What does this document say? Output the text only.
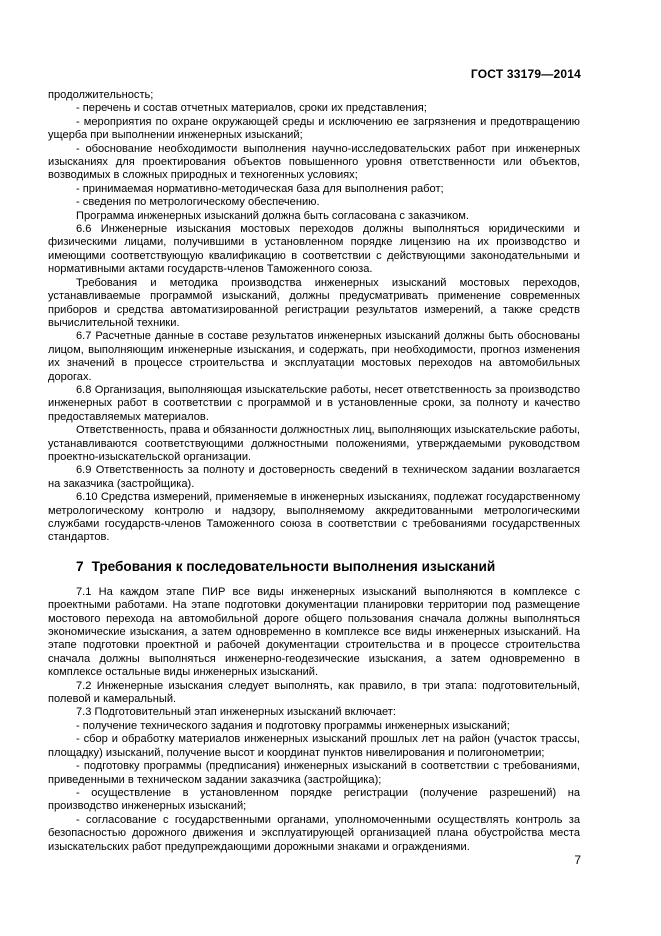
ГОСТ 33179—2014

продолжительность;

- перечень и состав отчетных материалов, сроки их представления;

- мероприятия по охране окружающей среды и исключению ее загрязнения и предотвращению ущерба при выполнении инженерных изысканий;

- обоснование необходимости выполнения научно-исследовательских работ при инженерных изысканиях для проектирования объектов повышенного уровня ответственности или объектов, возводимых в сложных природных и техногенных условиях;

- принимаемая нормативно-методическая база для выполнения работ;

- сведения по метрологическому обеспечению.

Программа инженерных изысканий должна быть согласована с заказчиком.

6.6 Инженерные изыскания мостовых переходов должны выполняться юридическими и физическими лицами, получившими в установленном порядке лицензию на их производство и имеющими соответствующую квалификацию в соответствии с действующими законодательными и нормативными актами государств-членов Таможенного союза.

Требования и методика производства инженерных изысканий мостовых переходов, устанавливаемые программой изысканий, должны предусматривать применение современных приборов и средства автоматизированной регистрации результатов измерений, а также средств вычислительной техники.

6.7 Расчетные данные в составе результатов инженерных изысканий должны быть обоснованы лицом, выполняющим инженерные изыскания, и содержать, при необходимости, прогноз изменения их значений в процессе строительства и эксплуатации мостовых переходов на автомобильных дорогах.

6.8 Организация, выполняющая изыскательские работы, несет ответственность за производство инженерных работ в соответствии с программой и в установленные сроки, за полноту и качество предоставляемых материалов.

Ответственность, права и обязанности должностных лиц, выполняющих изыскательские работы, устанавливаются соответствующими должностными положениями, утверждаемыми руководством проектно-изыскательской организации.

6.9 Ответственность за полноту и достоверность сведений в техническом задании возлагается на заказчика (застройщика).

6.10 Средства измерений, применяемые в инженерных изысканиях, подлежат государственному метрологическому контролю и надзору, выполняемому аккредитованными метрологическими службами государств-членов Таможенного союза в соответствии с требованиями государственных стандартов.

7 Требования к последовательности выполнения изысканий

7.1 На каждом этапе ПИР все виды инженерных изысканий выполняются в комплексе с проектными работами. На этапе подготовки документации планировки территории под размещение мостового перехода на автомобильной дороге общего пользования сначала должны выполняться экономические изыскания, а затем одновременно в комплексе все виды инженерных изысканий. На этапе подготовки проектной и рабочей документации строительства и в процессе строительства сначала должны выполняться инженерно-геодезические изыскания, а затем одновременно в комплексе остальные виды инженерных изысканий.

7.2 Инженерные изыскания следует выполнять, как правило, в три этапа: подготовительный, полевой и камеральный.

7.3 Подготовительный этап инженерных изысканий включает:

- получение технического задания и подготовку программы инженерных изысканий;

- сбор и обработку материалов инженерных изысканий прошлых лет на район (участок трассы, площадку) изысканий, получение высот и координат пунктов нивелирования и полигонометрии;

- подготовку программы (предписания) инженерных изысканий в соответствии с требованиями, приведенными в техническом задании заказчика (застройщика);

- осуществление в установленном порядке регистрации (получение разрешений) на производство инженерных изысканий;

- согласование с государственными органами, уполномоченными осуществлять контроль за безопасностью дорожного движения и эксплуатирующей организацией плана обустройства места изыскательских работ предупреждающими дорожными знаками и ограждениями.

7
